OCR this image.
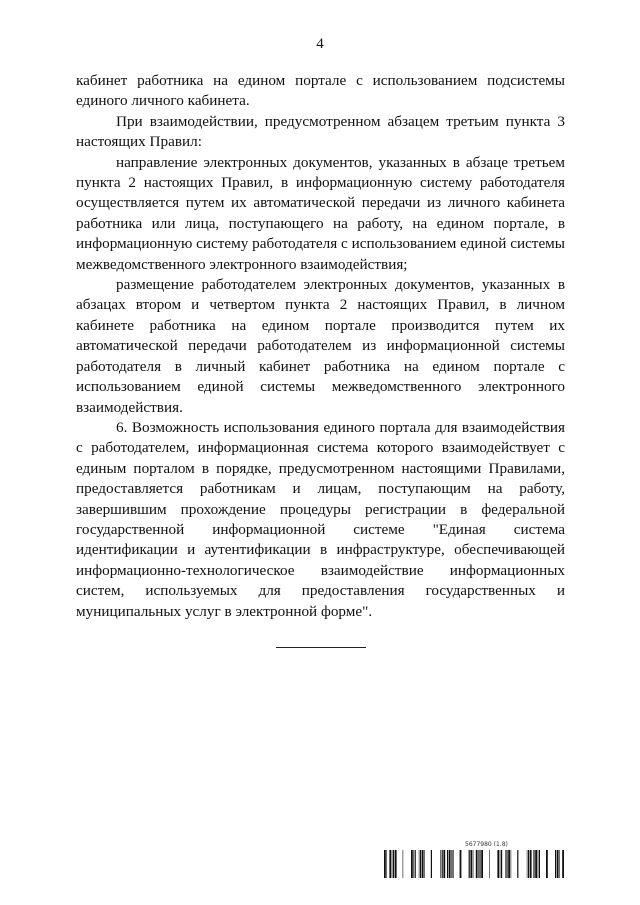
4

кабинет работника на едином портале с использованием подсистемы единого личного кабинета.

При взаимодействии, предусмотренном абзацем третьим пункта 3 настоящих Правил:

направление электронных документов, указанных в абзаце третьем пункта 2 настоящих Правил, в информационную систему работодателя осуществляется путем их автоматической передачи из личного кабинета работника или лица, поступающего на работу, на едином портале, в информационную систему работодателя с использованием единой системы межведомственного электронного взаимодействия;

размещение работодателем электронных документов, указанных в абзацах втором и четвертом пункта 2 настоящих Правил, в личном кабинете работника на едином портале производится путем их автоматической передачи работодателем из информационной системы работодателя в личный кабинет работника на едином портале с использованием единой системы межведомственного электронного взаимодействия.

6. Возможность использования единого портала для взаимодействия с работодателем, информационная система которого взаимодействует с единым порталом в порядке, предусмотренном настоящими Правилами, предоставляется работникам и лицам, поступающим на работу, завершившим прохождение процедуры регистрации в федеральной государственной информационной системе "Единая система идентификации и аутентификации в инфраструктуре, обеспечивающей информационно-технологическое взаимодействие информационных систем, используемых для предоставления государственных и муниципальных услуг в электронной форме".

5677980 (1.8)
